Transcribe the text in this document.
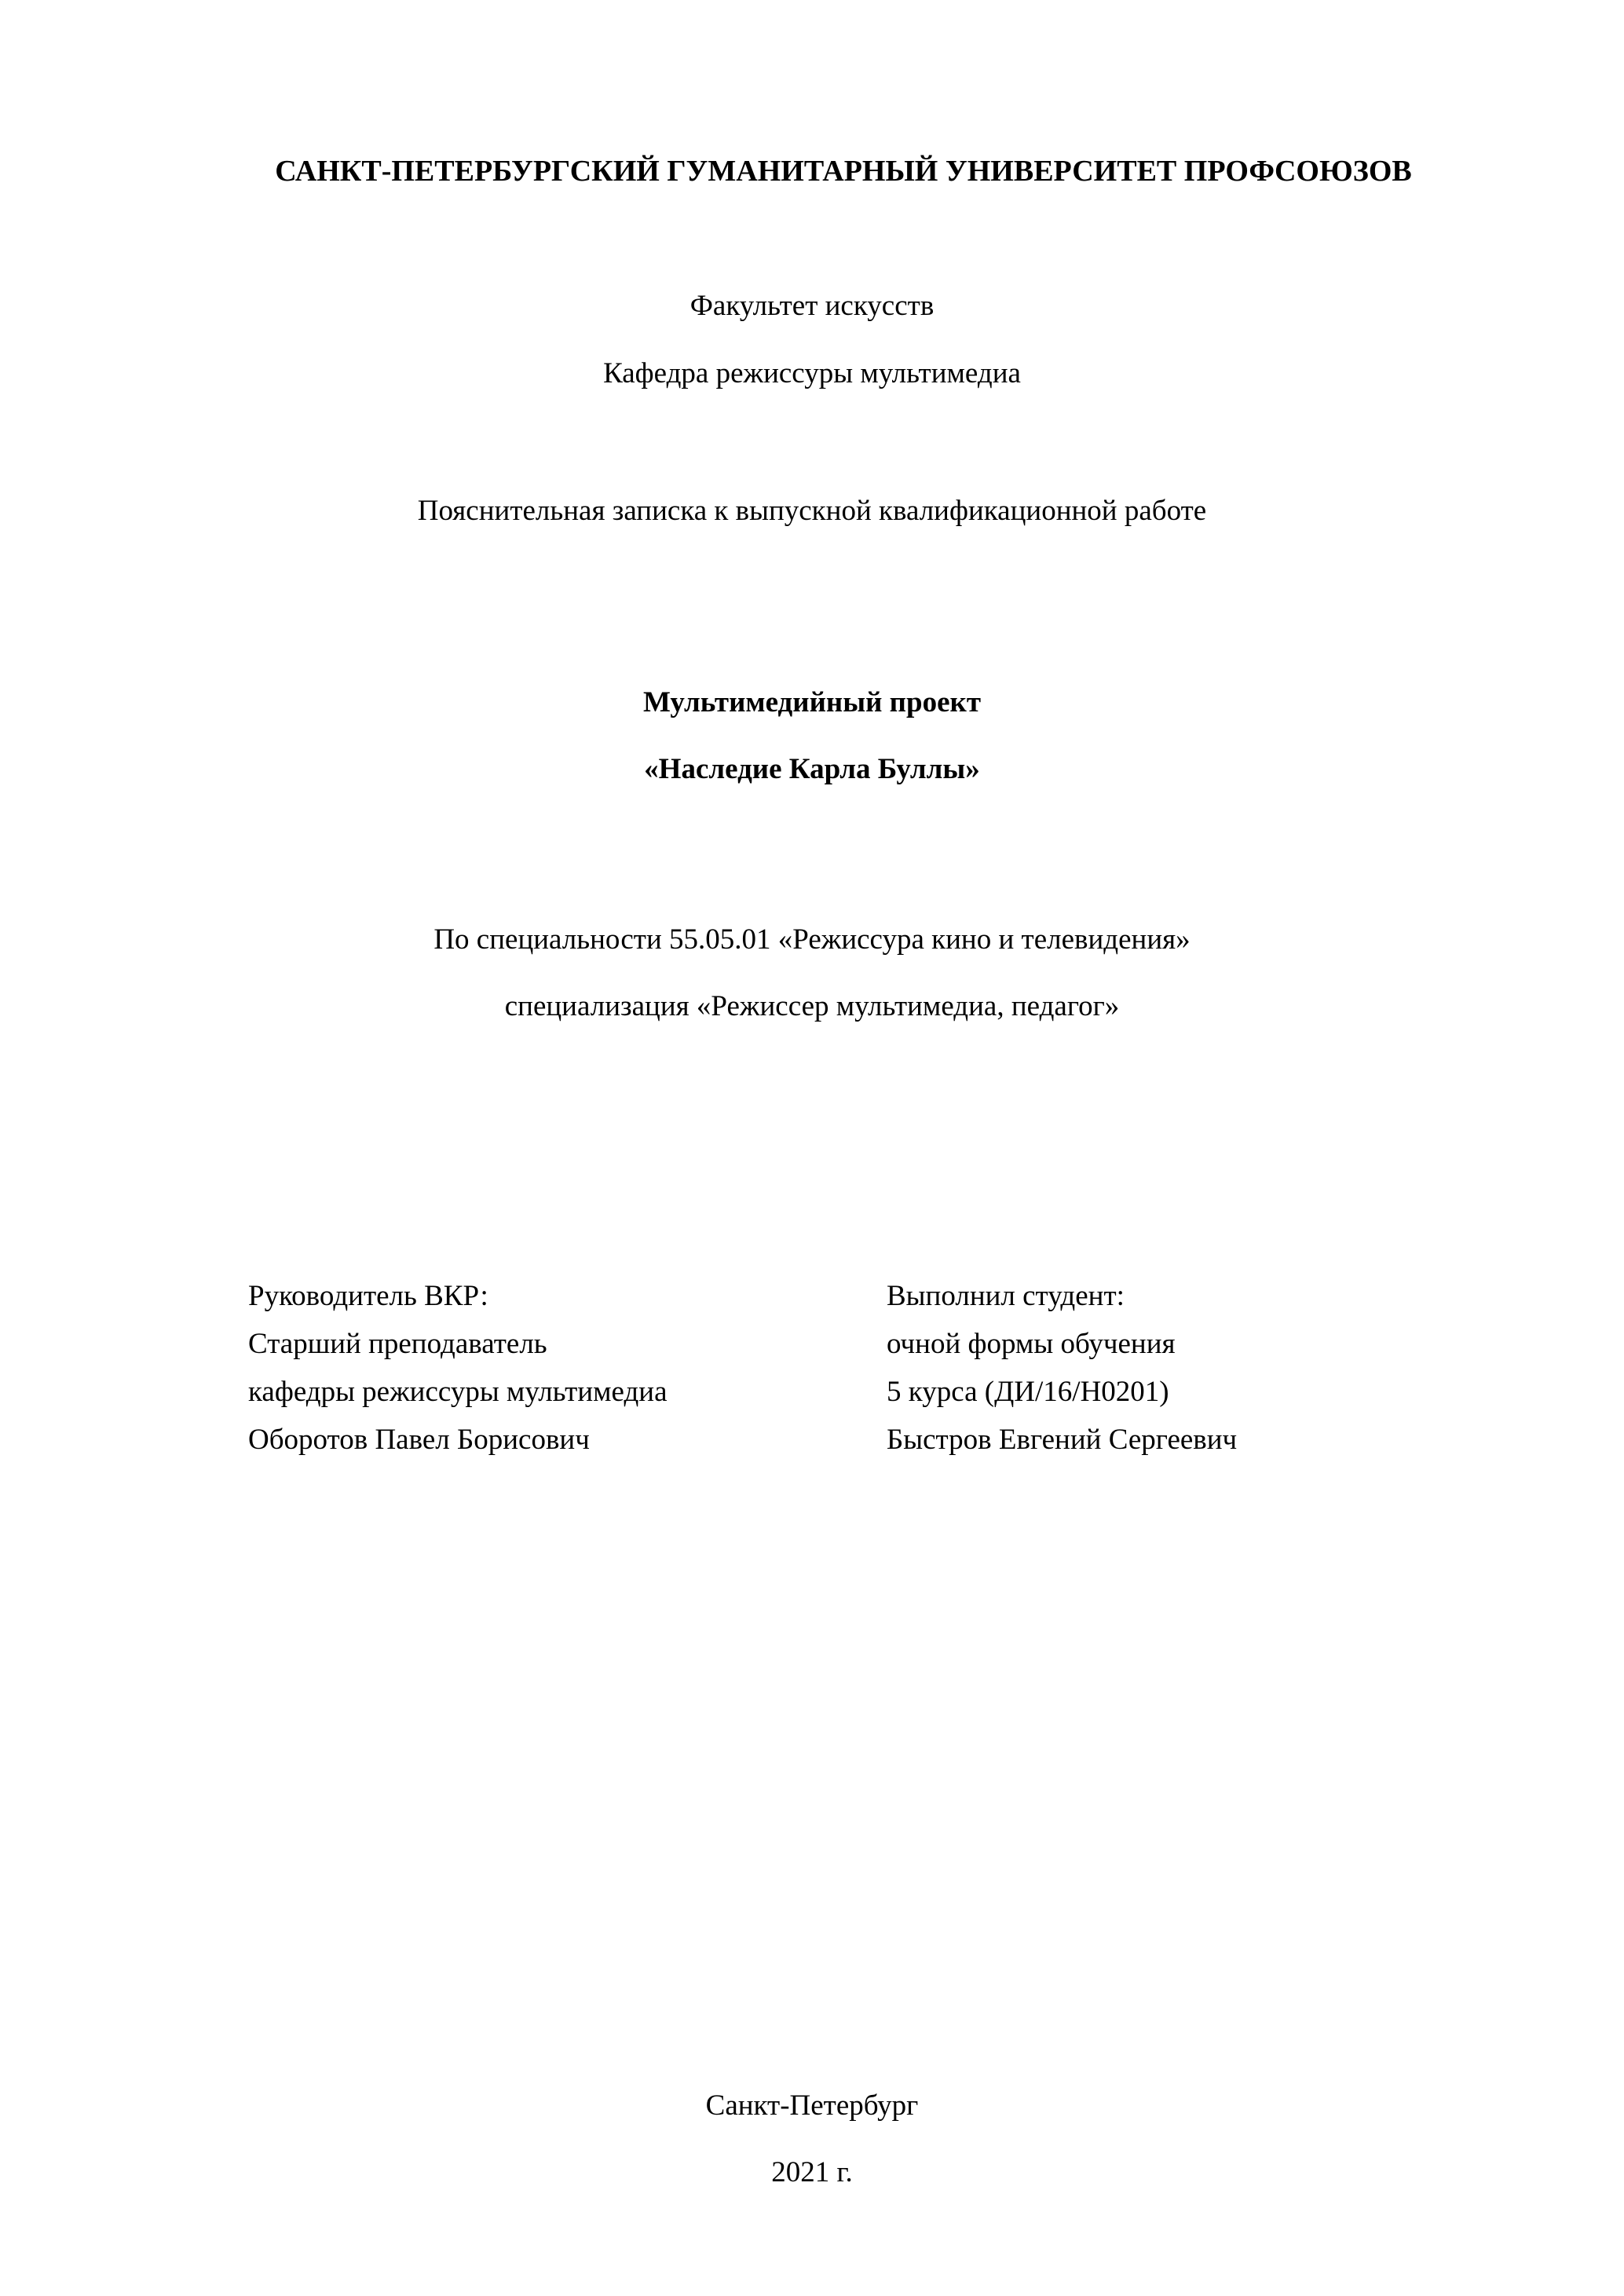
САНКТ-ПЕТЕРБУРГСКИЙ ГУМАНИТАРНЫЙ УНИВЕРСИТЕТ ПРОФСОЮЗОВ
Факультет искусств
Кафедра режиссуры мультимедиа
Пояснительная записка к выпускной квалификационной работе
Мультимедийный проект
«Наследие Карла Буллы»
По специальности 55.05.01 «Режиссура кино и телевидения»
специализация «Режиссер мультимедиа, педагог»
Руководитель ВКР:
Старший преподаватель
кафедры режиссуры мультимедиа
Оборотов Павел Борисович
Выполнил студент:
очной формы обучения
5 курса (ДИ/16/Н0201)
Быстров Евгений Сергеевич
Санкт-Петербург
2021 г.
